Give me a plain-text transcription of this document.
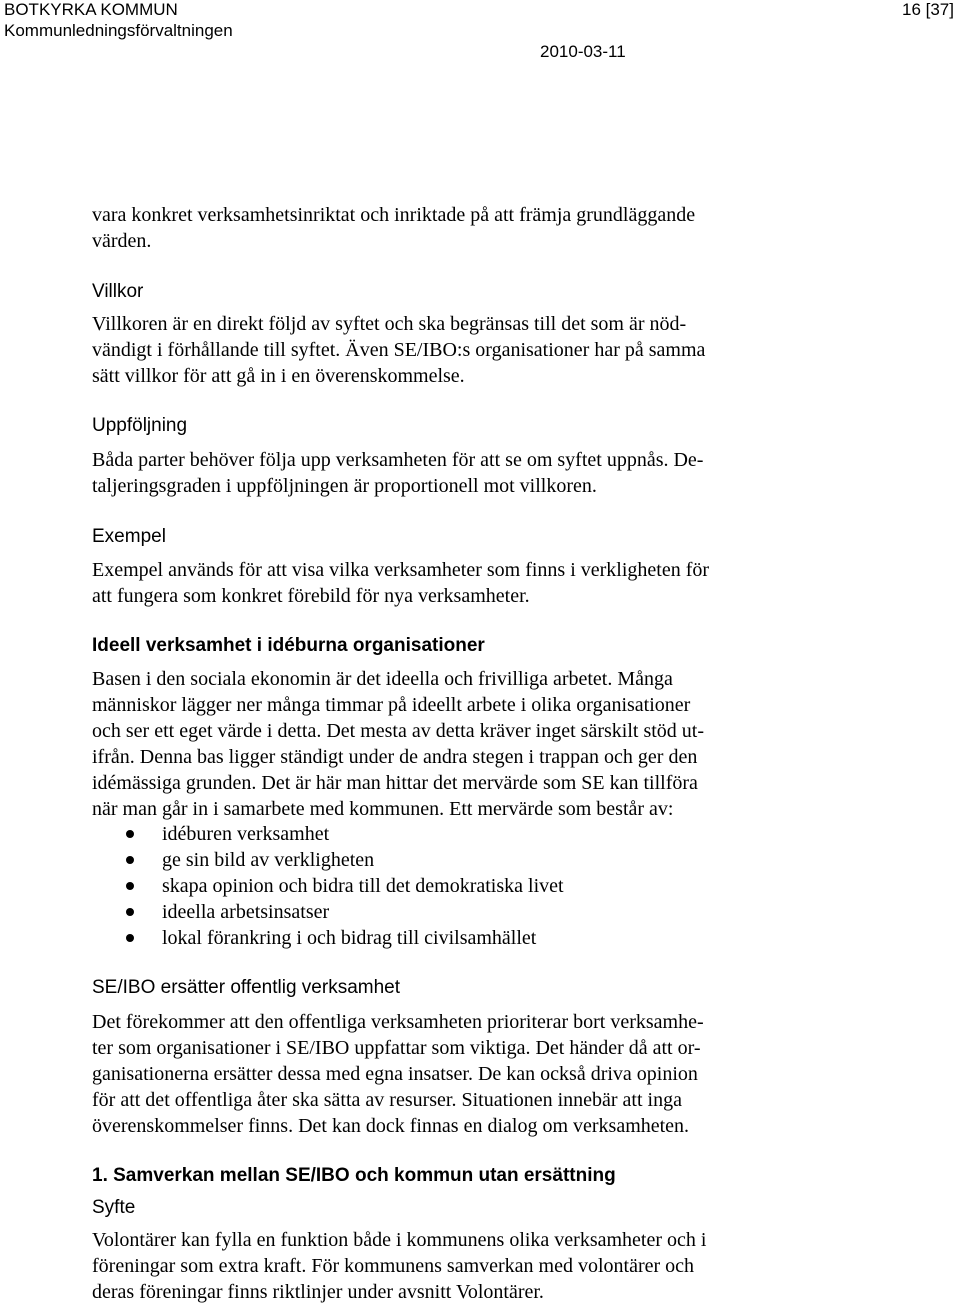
BOTKYRKA KOMMUN
Kommunledningsförvaltningen
16 [37]
2010-03-11
vara konkret verksamhetsinriktat och inriktade på att främja grundläggande
värden.
Villkor
Villkoren är en direkt följd av syftet och ska begränsas till det som är nöd-
vändigt i förhållande till syftet. Även SE/IBO:s organisationer har på samma
sätt villkor för att gå in i en överenskommelse.
Uppföljning
Båda parter behöver följa upp verksamheten för att se om syftet uppnås. De-
taljeringsgraden i uppföljningen är proportionell mot villkoren.
Exempel
Exempel används för att visa vilka verksamheter som finns i verkligheten för
att fungera som konkret förebild för nya verksamheter.
Ideell verksamhet i idéburna organisationer
Basen i den sociala ekonomin är det ideella och frivilliga arbetet. Många
människor lägger ner många timmar på ideellt arbete i olika organisationer
och ser ett eget värde i detta. Det mesta av detta kräver inget särskilt stöd ut-
ifrån. Denna bas ligger ständigt under de andra stegen i trappan och ger den
idémässiga grunden. Det är här man hittar det mervärde som SE kan tillföra
när man går in i samarbete med kommunen. Ett mervärde som består av:
idéburen verksamhet
ge sin bild av verkligheten
skapa opinion och bidra till det demokratiska livet
ideella arbetsinsatser
lokal förankring i och bidrag till civilsamhället
SE/IBO ersätter offentlig verksamhet
Det förekommer att den offentliga verksamheten prioriterar bort verksamhe-
ter som organisationer i SE/IBO uppfattar som viktiga. Det händer då att or-
ganisationerna ersätter dessa med egna insatser. De kan också driva opinion
för att det offentliga åter ska sätta av resurser. Situationen innebär att inga
överenskommelser finns. Det kan dock finnas en dialog om verksamheten.
1. Samverkan mellan SE/IBO och kommun utan ersättning
Syfte
Volontärer kan fylla en funktion både i kommunens olika verksamheter och i
föreningar som extra kraft. För kommunens samverkan med volontärer och
deras föreningar finns riktlinjer under avsnitt Volontärer.
